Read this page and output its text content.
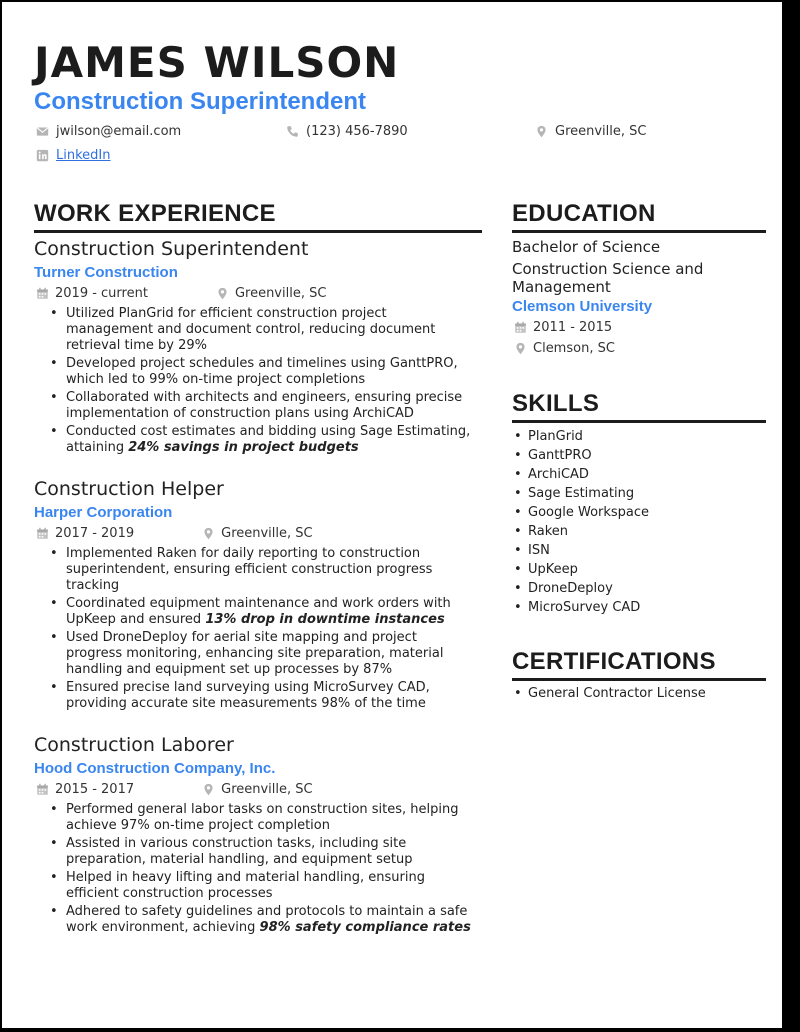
JAMES WILSON
Construction Superintendent
jwilson@email.com	(123) 456-7890	Greenville, SC
LinkedIn
WORK EXPERIENCE
Construction Superintendent
Turner Construction
2019 - current	Greenville, SC
• Utilized PlanGrid for efficient construction project management and document control, reducing document retrieval time by 29%
• Developed project schedules and timelines using GanttPRO, which led to 99% on-time project completions
• Collaborated with architects and engineers, ensuring precise implementation of construction plans using ArchiCAD
• Conducted cost estimates and bidding using Sage Estimating, attaining 24% savings in project budgets
Construction Helper
Harper Corporation
2017 - 2019	Greenville, SC
• Implemented Raken for daily reporting to construction superintendent, ensuring efficient construction progress tracking
• Coordinated equipment maintenance and work orders with UpKeep and ensured 13% drop in downtime instances
• Used DroneDeploy for aerial site mapping and project progress monitoring, enhancing site preparation, material handling and equipment set up processes by 87%
• Ensured precise land surveying using MicroSurvey CAD, providing accurate site measurements 98% of the time
Construction Laborer
Hood Construction Company, Inc.
2015 - 2017	Greenville, SC
• Performed general labor tasks on construction sites, helping achieve 97% on-time project completion
• Assisted in various construction tasks, including site preparation, material handling, and equipment setup
• Helped in heavy lifting and material handling, ensuring efficient construction processes
• Adhered to safety guidelines and protocols to maintain a safe work environment, achieving 98% safety compliance rates
EDUCATION
Bachelor of Science
Construction Science and
Management
Clemson University
2011 - 2015
Clemson, SC
SKILLS
• PlanGrid
• GanttPRO
• ArchiCAD
• Sage Estimating
• Google Workspace
• Raken
• ISN
• UpKeep
• DroneDeploy
• MicroSurvey CAD
CERTIFICATIONS
• General Contractor License
